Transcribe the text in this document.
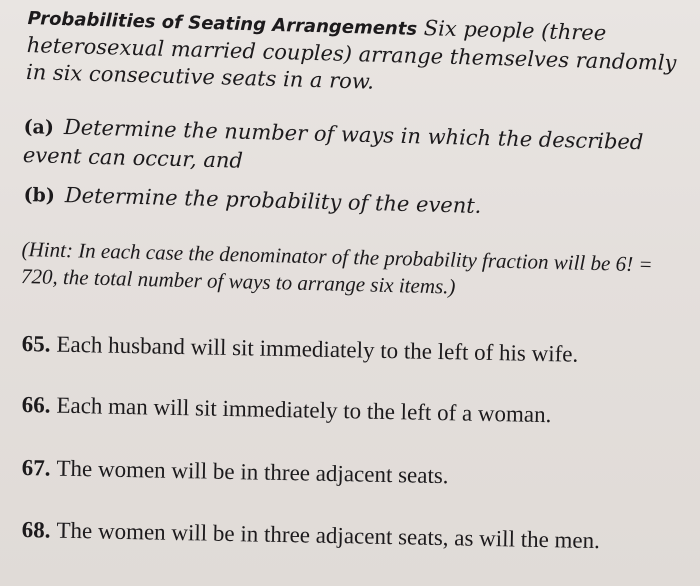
Probabilities of Seating Arrangements Six people (three heterosexual married couples) arrange themselves randomly in six consecutive seats in a row.
(a) Determine the number of ways in which the described event can occur, and
(b) Determine the probability of the event.
(Hint: In each case the denominator of the probability fraction will be 6! = 720, the total number of ways to arrange six items.)
65. Each husband will sit immediately to the left of his wife.
66. Each man will sit immediately to the left of a woman.
67. The women will be in three adjacent seats.
68. The women will be in three adjacent seats, as will the men.
